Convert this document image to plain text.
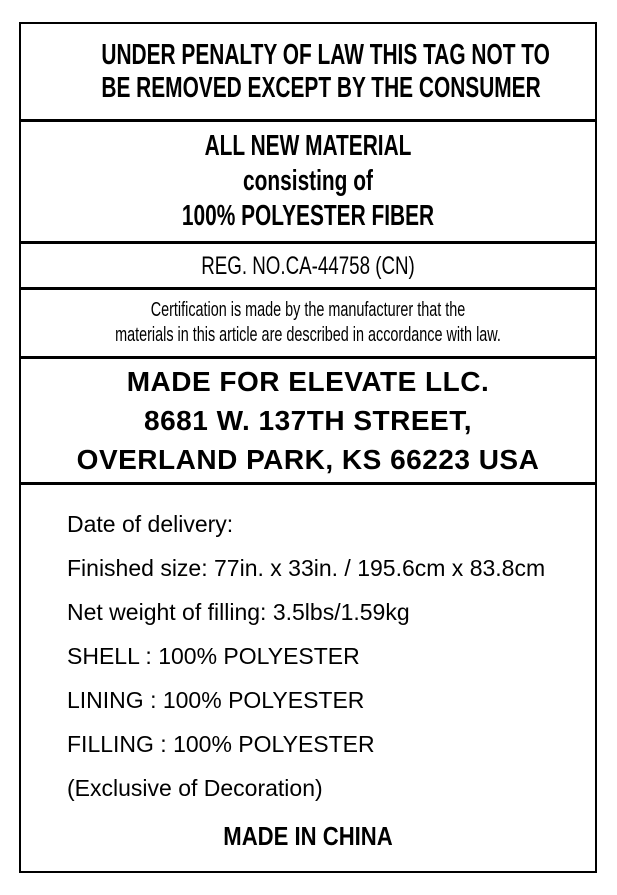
UNDER PENALTY OF LAW THIS TAG NOT TO
BE REMOVED EXCEPT BY THE CONSUMER
ALL NEW MATERIAL
consisting of
100% POLYESTER FIBER
REG. NO.CA-44758 (CN)
Certification is made by the manufacturer that the
materials in this article are described in accordance with law.
MADE FOR ELEVATE LLC.
8681 W. 137TH STREET,
OVERLAND PARK, KS 66223 USA
Date of delivery:
Finished size: 77in. x 33in. / 195.6cm x 83.8cm
Net weight of filling: 3.5lbs/1.59kg
SHELL : 100% POLYESTER
LINING : 100% POLYESTER
FILLING : 100% POLYESTER
(Exclusive of Decoration)
MADE IN CHINA
